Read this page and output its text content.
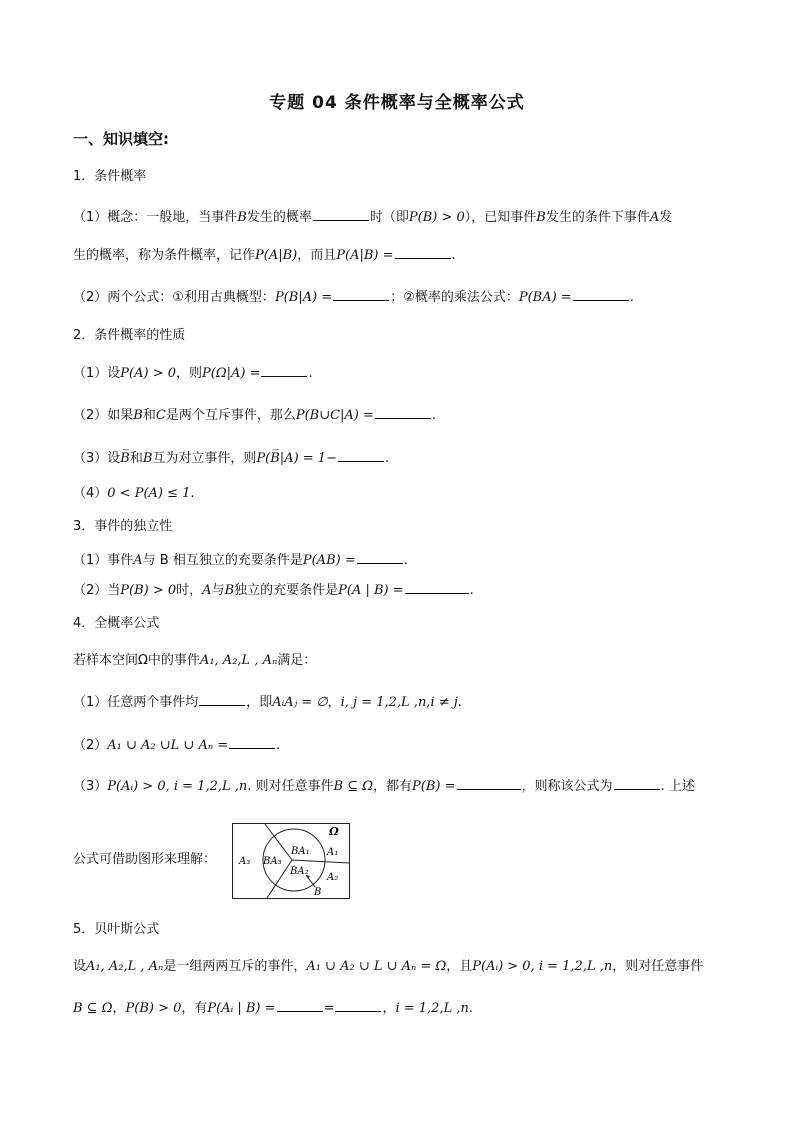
专题 04 条件概率与全概率公式
一、知识填空:
1．条件概率
（1）概念：一般地，当事件B发生的概率	时（即P(B) > 0），已知事件B发生的条件下事件A发
生的概率，称为条件概率，记作P(A|B)，而且P(A|B) =	.
（2）两个公式：①利用古典概型：P(B|A) =	；②概率的乘法公式：P(BA) =	.
2．条件概率的性质
（1）设P(A) > 0，则P(Ω|A) =	.
（2）如果B和C是两个互斥事件，那么P(B∪C|A) =	.
（3）设B̅和B互为对立事件，则P(B̅|A) = 1−	.
（4）0 < P(A) ≤ 1.
3．事件的独立性
（1）事件A与 B 相互独立的充要条件是P(AB) =	.
（2）当P(B) > 0时，A与B独立的充要条件是P(A | B) =	.
4．全概率公式
若样本空间Ω中的事件A₁, A₂,L , Aₙ满足：
（1）任意两个事件均	，即AᵢAⱼ = ∅，i, j = 1,2,L ,n,i ≠ j.
（2）A₁ ∪ A₂ ∪L ∪ Aₙ =	.
（3）P(Aᵢ) > 0, i = 1,2,L ,n. 则对任意事件B ⊆ Ω，都有P(B) =	，则称该公式为	. 上述
公式可借助图形来理解：
Ω
A₁
A₂
A₃
BA₁
BA₂
BA₃
B
5．贝叶斯公式
设A₁, A₂,L , Aₙ是一组两两互斥的事件，A₁ ∪ A₂ ∪ L ∪ Aₙ = Ω，且P(Aᵢ) > 0, i = 1,2,L ,n，则对任意事件
B ⊆ Ω，P(B) > 0，有P(Aᵢ | B) =	=	，i = 1,2,L ,n.
